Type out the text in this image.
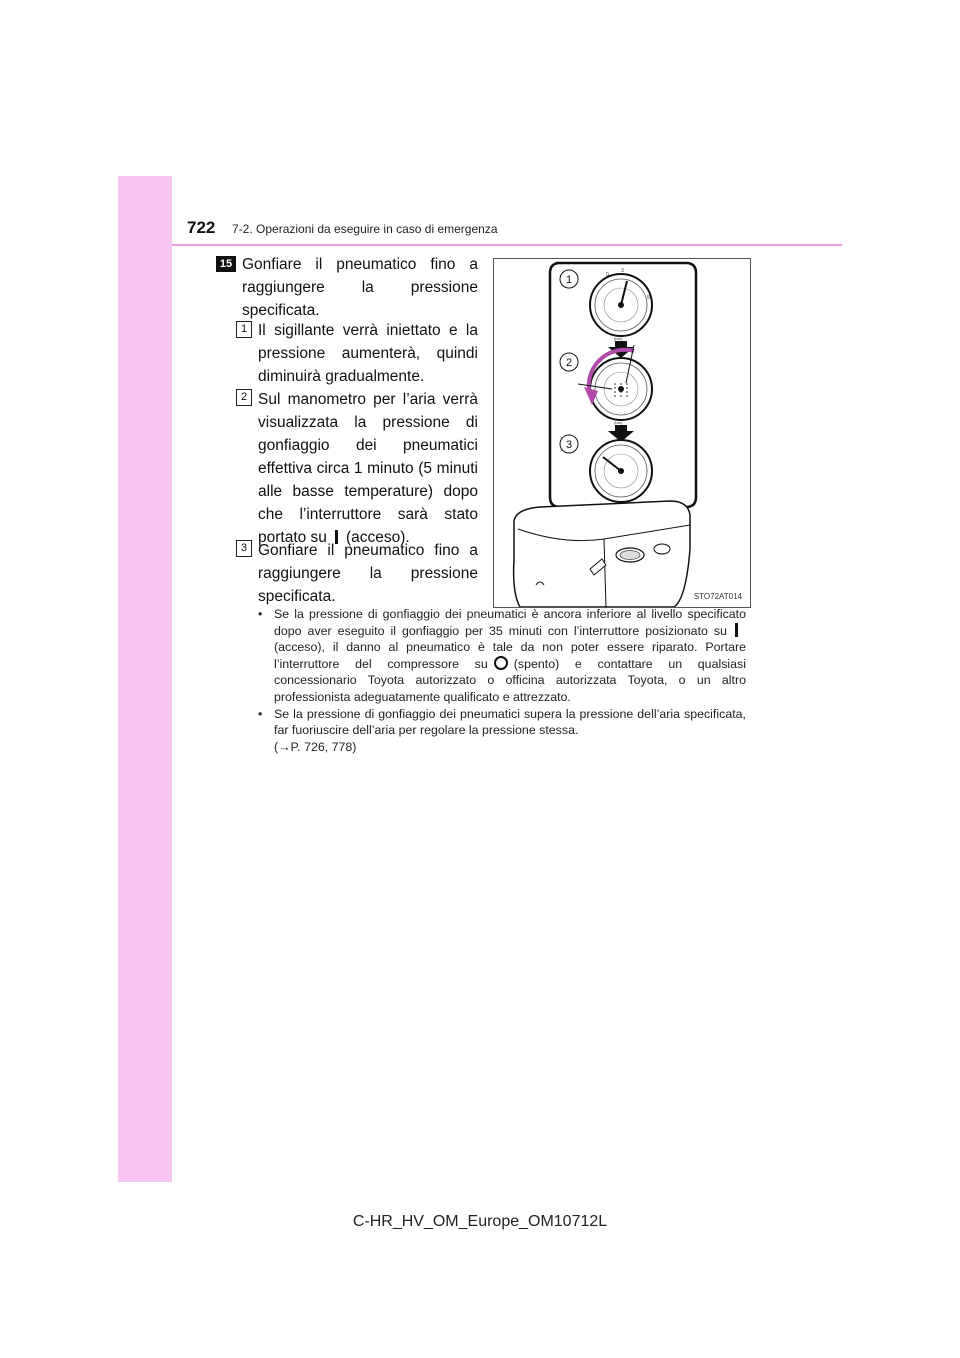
722 7-2. Operazioni da eseguire in caso di emergenza
15 Gonfiare il pneumatico fino a raggiungere la pressione specificata.
1 Il sigillante verrà iniettato e la pressione aumenterà, quindi diminuirà gradualmente.
2 Sul manometro per l’aria verrà visualizzata la pressione di gonfiaggio dei pneumatici effettiva circa 1 minuto (5 minuti alle basse temperature) dopo che l’interruttore sarà stato portato su (acceso).
3 Gonfiare il pneumatico fino a raggiungere la pressione specificata.
0
3
5
(bar)
(bar)
1
2
3
STO72AT014
• Se la pressione di gonfiaggio dei pneumatici è ancora inferiore al livello specificato dopo aver eseguito il gonfiaggio per 35 minuti con l’interruttore posizionato su(acceso), il danno al pneumatico è tale da non poter essere riparato. Portare l’interruttore del compressore su (spento) e contattare un qualsiasi concessionario Toyota autorizzato o officina autorizzata Toyota, o un altro professionista adeguatamente qualificato e attrezzato.
• Se la pressione di gonfiaggio dei pneumatici supera la pressione dell’aria specificata, far fuoriuscire dell’aria per regolare la pressione stessa.
(→P. 726, 778)
C-HR_HV_OM_Europe_OM10712L
